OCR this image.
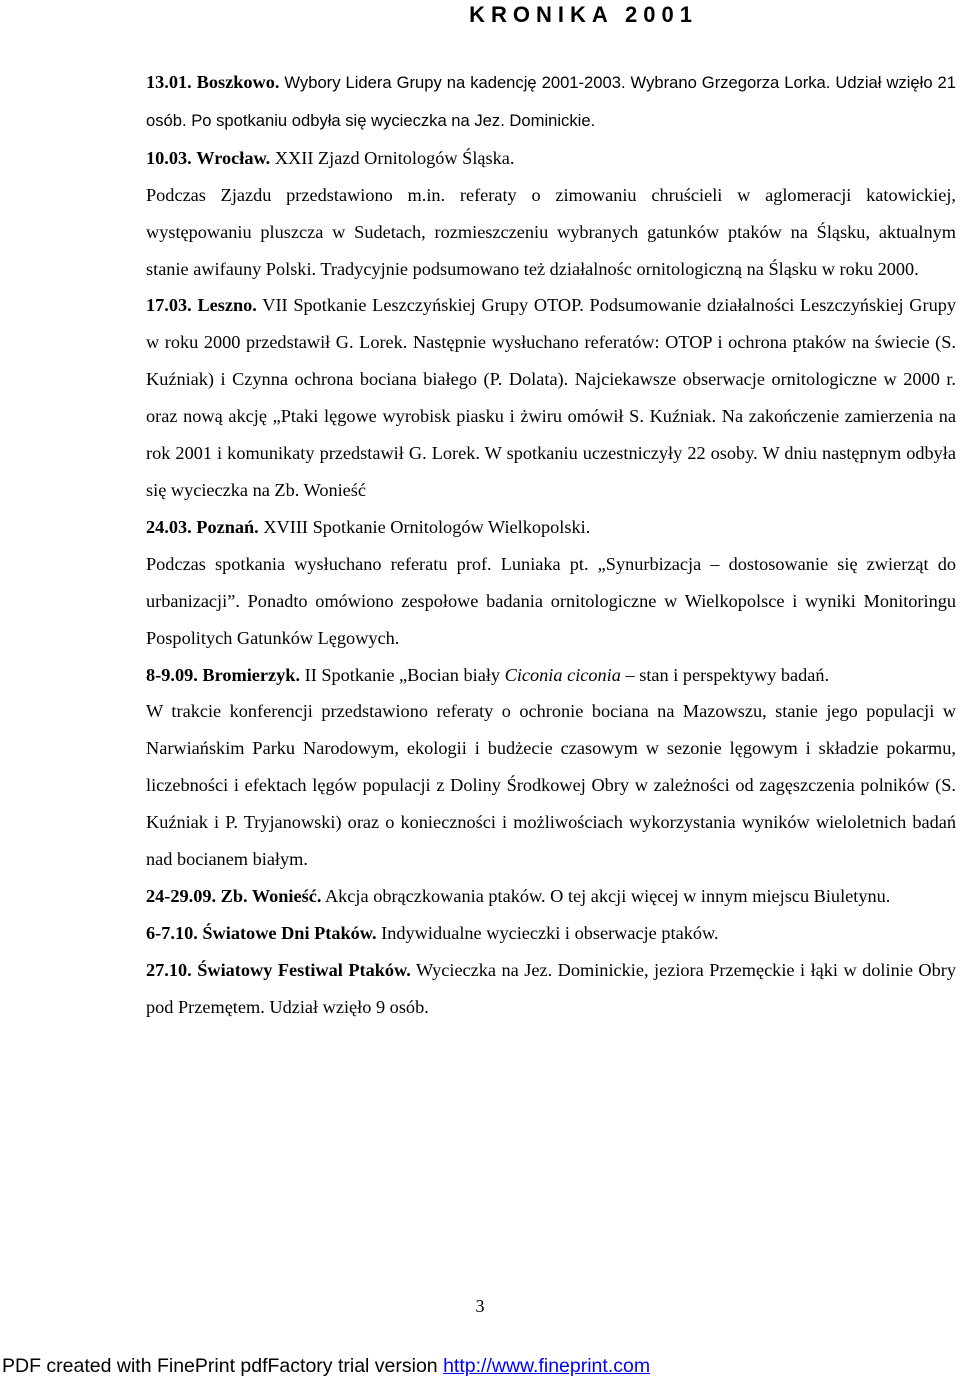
KRONIKA 2001

13.01. Boszkowo. Wybory Lidera Grupy na kadencję 2001-2003. Wybrano Grzegorza Lorka. Udział wzięło 21 osób. Po spotkaniu odbyła się wycieczka na Jez. Dominickie.

10.03. Wrocław. XXII Zjazd Ornitologów Śląska.

Podczas Zjazdu przedstawiono m.in. referaty o zimowaniu chruścieli w aglomeracji katowickiej, występowaniu pluszcza w Sudetach, rozmieszczeniu wybranych gatunków ptaków na Śląsku, aktualnym stanie awifauny Polski. Tradycyjnie podsumowano też działalnośc ornitologiczną na Śląsku w roku 2000.

17.03. Leszno. VII Spotkanie Leszczyńskiej Grupy OTOP. Podsumowanie działalności Leszczyńskiej Grupy w roku 2000 przedstawił G. Lorek. Następnie wysłuchano referatów: OTOP i ochrona ptaków na świecie (S. Kuźniak) i Czynna ochrona bociana białego (P. Dolata). Najciekawsze obserwacje ornitologiczne w 2000 r. oraz nową akcję „Ptaki lęgowe wyrobisk piasku i żwiru omówił S. Kuźniak. Na zakończenie zamierzenia na rok 2001 i komunikaty przedstawił G. Lorek. W spotkaniu uczestniczyły 22 osoby. W dniu następnym odbyła się wycieczka na Zb. Wonieść

24.03. Poznań. XVIII Spotkanie Ornitologów Wielkopolski.

Podczas spotkania wysłuchano referatu prof. Luniaka pt. „Synurbizacja – dostosowanie się zwierząt do urbanizacji”. Ponadto omówiono zespołowe badania ornitologiczne w Wielkopolsce i wyniki Monitoringu Pospolitych Gatunków Lęgowych.

8-9.09. Bromierzyk. II Spotkanie „Bocian biały Ciconia ciconia – stan i perspektywy badań.

W trakcie konferencji przedstawiono referaty o ochronie bociana na Mazowszu, stanie jego populacji w Narwiańskim Parku Narodowym, ekologii i budżecie czasowym w sezonie lęgowym i składzie pokarmu, liczebności i efektach lęgów populacji z Doliny Środkowej Obry w zależności od zagęszczenia polników (S. Kuźniak i P. Tryjanowski) oraz o konieczności i możliwościach wykorzystania wyników wieloletnich badań nad bocianem białym.

24-29.09. Zb. Wonieść. Akcja obrączkowania ptaków. O tej akcji więcej w innym miejscu Biuletynu.

6-7.10. Światowe Dni Ptaków. Indywidualne wycieczki i obserwacje ptaków.

27.10. Światowy Festiwal Ptaków. Wycieczka na Jez. Dominickie, jeziora Przemęckie i łąki w dolinie Obry pod Przemętem. Udział wzięło 9 osób.

3
PDF created with FinePrint pdfFactory trial version http://www.fineprint.com
